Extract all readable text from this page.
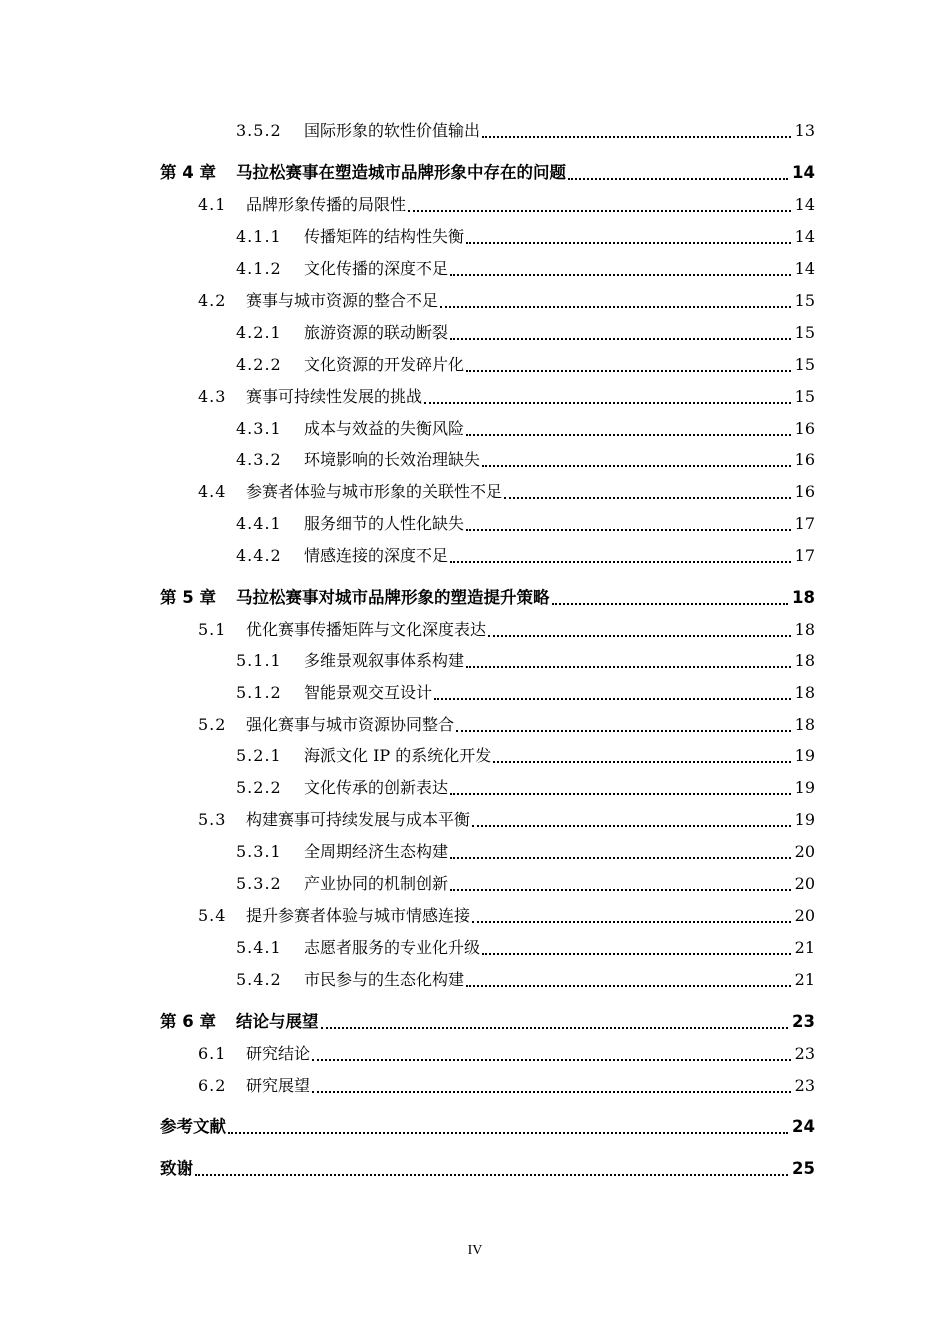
3.5.2	国际形象的软性价值输出	13
第 4 章	马拉松赛事在塑造城市品牌形象中存在的问题	14
4.1	品牌形象传播的局限性	14
4.1.1	传播矩阵的结构性失衡	14
4.1.2	文化传播的深度不足	14
4.2	赛事与城市资源的整合不足	15
4.2.1	旅游资源的联动断裂	15
4.2.2	文化资源的开发碎片化	15
4.3	赛事可持续性发展的挑战	15
4.3.1	成本与效益的失衡风险	16
4.3.2	环境影响的长效治理缺失	16
4.4	参赛者体验与城市形象的关联性不足	16
4.4.1	服务细节的人性化缺失	17
4.4.2	情感连接的深度不足	17
第 5 章	马拉松赛事对城市品牌形象的塑造提升策略	18
5.1	优化赛事传播矩阵与文化深度表达	18
5.1.1	多维景观叙事体系构建	18
5.1.2	智能景观交互设计	18
5.2	强化赛事与城市资源协同整合	18
5.2.1	海派文化 IP 的系统化开发	19
5.2.2	文化传承的创新表达	19
5.3	构建赛事可持续发展与成本平衡	19
5.3.1	全周期经济生态构建	20
5.3.2	产业协同的机制创新	20
5.4	提升参赛者体验与城市情感连接	20
5.4.1	志愿者服务的专业化升级	21
5.4.2	市民参与的生态化构建	21
第 6 章	结论与展望	23
6.1	研究结论	23
6.2	研究展望	23
参考文献	24
致谢	25
IV
